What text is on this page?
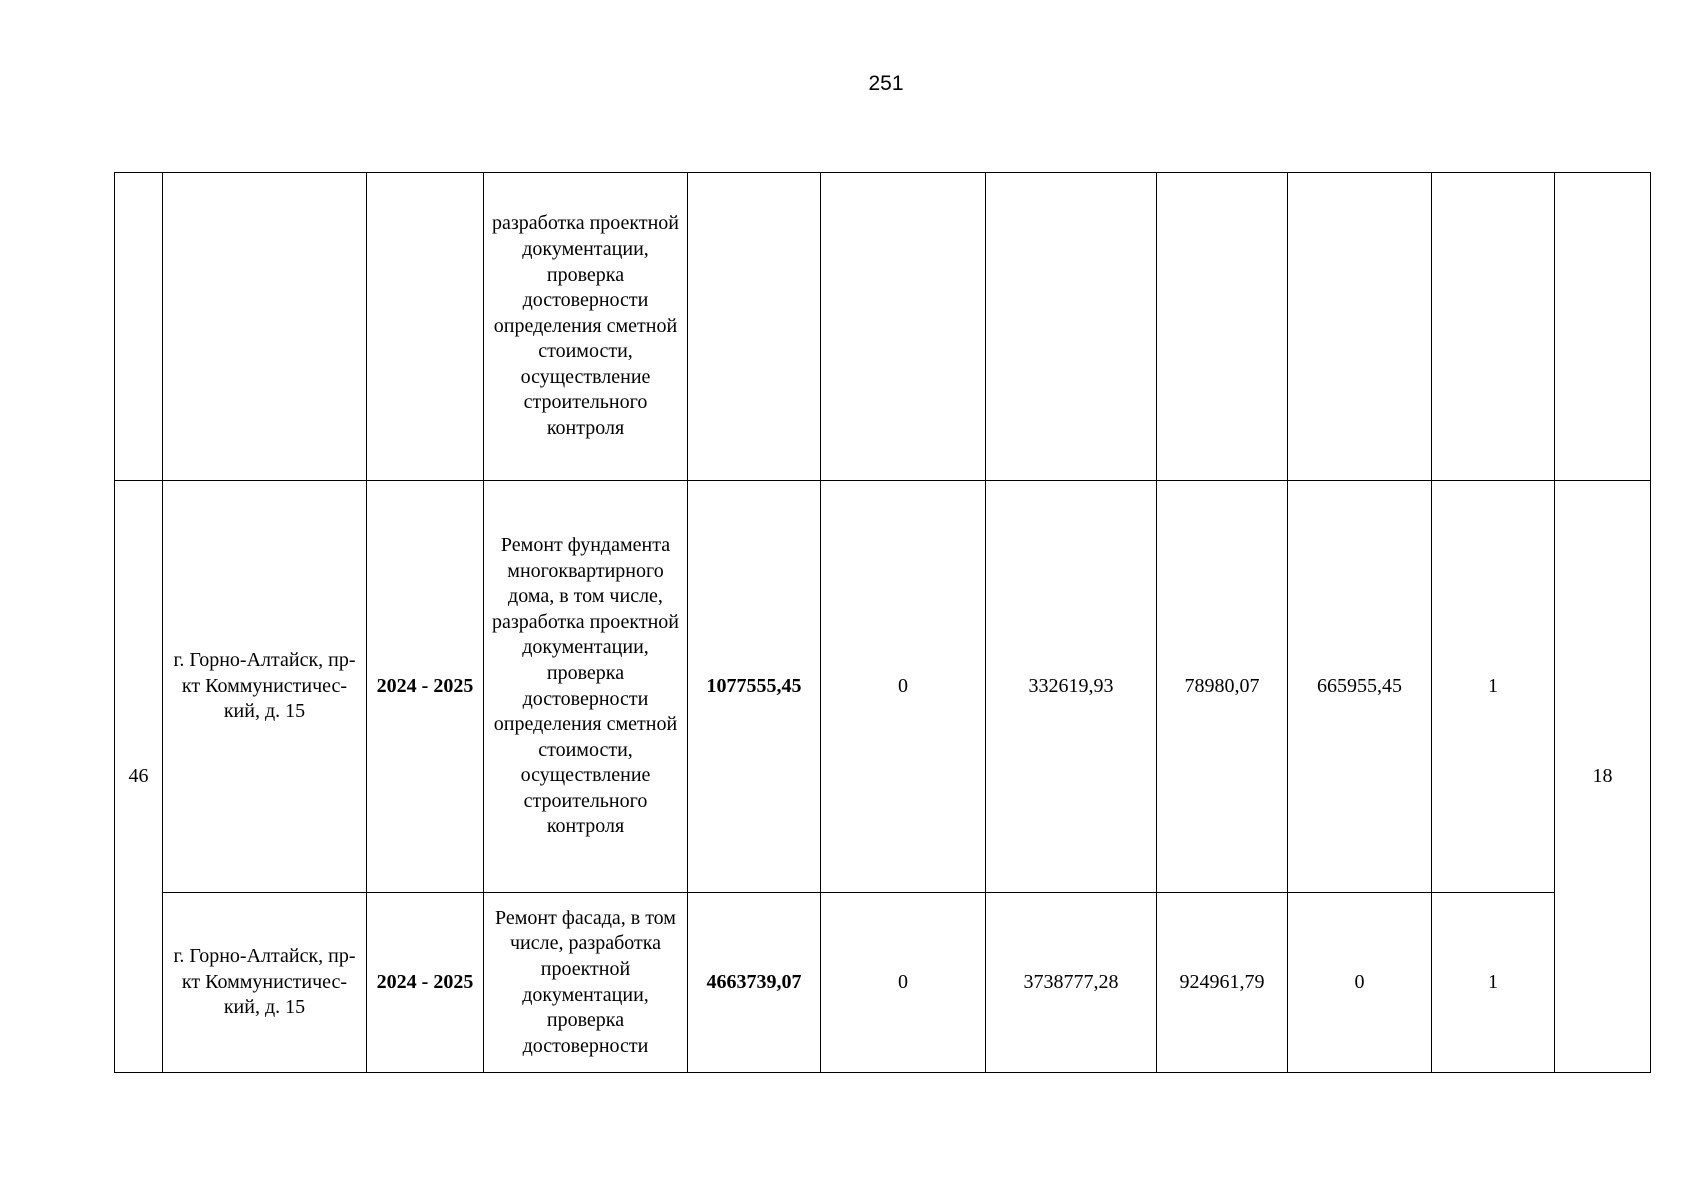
251
			разработка проектной документации, проверка достоверности определения сметной стоимости, осуществление строительного контроля							
46	г. Горно-Алтайск, пр-кт Коммунистичес-кий, д. 15	2024 - 2025	Ремонт фундамента многоквартирного дома, в том числе, разработка проектной документации, проверка достоверности определения сметной стоимости, осуществление строительного контроля	1077555,45	0	332619,93	78980,07	665955,45	1	18
	г. Горно-Алтайск, пр-кт Коммунистичес-кий, д. 15	2024 - 2025	Ремонт фасада, в том числе, разработка проектной документации, проверка достоверности	4663739,07	0	3738777,28	924961,79	0	1	
